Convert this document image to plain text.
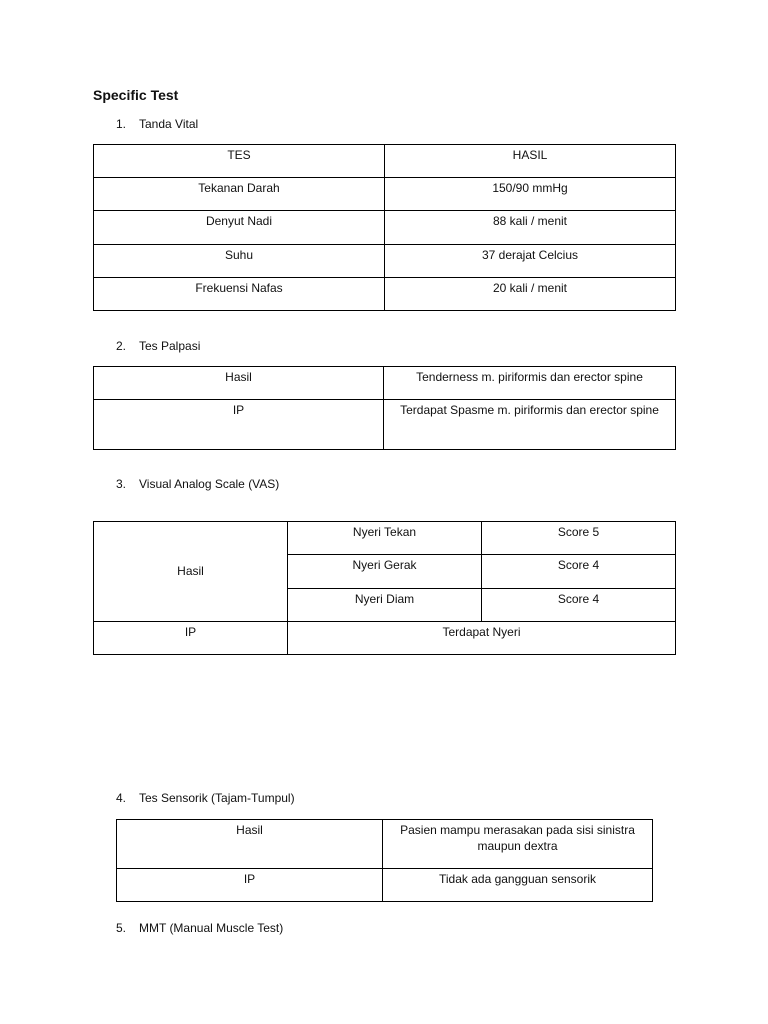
Specific Test
1.	Tanda Vital
TES	HASIL
Tekanan Darah	150/90 mmHg
Denyut Nadi	88 kali / menit
Suhu	37 derajat Celcius
Frekuensi Nafas	20 kali / menit
2.	Tes Palpasi
Hasil	Tenderness m. piriformis dan erector spine
IP	Terdapat Spasme m. piriformis dan erector spine
3.	Visual Analog Scale (VAS)
Hasil	Nyeri Tekan	Score 5
	Nyeri Gerak	Score 4
	Nyeri Diam	Score 4
IP	Terdapat Nyeri	
4.	Tes Sensorik (Tajam-Tumpul)
Hasil	Pasien mampu merasakan pada sisi sinistra maupun dextra
IP	Tidak ada gangguan sensorik
5.	MMT (Manual Muscle Test)
